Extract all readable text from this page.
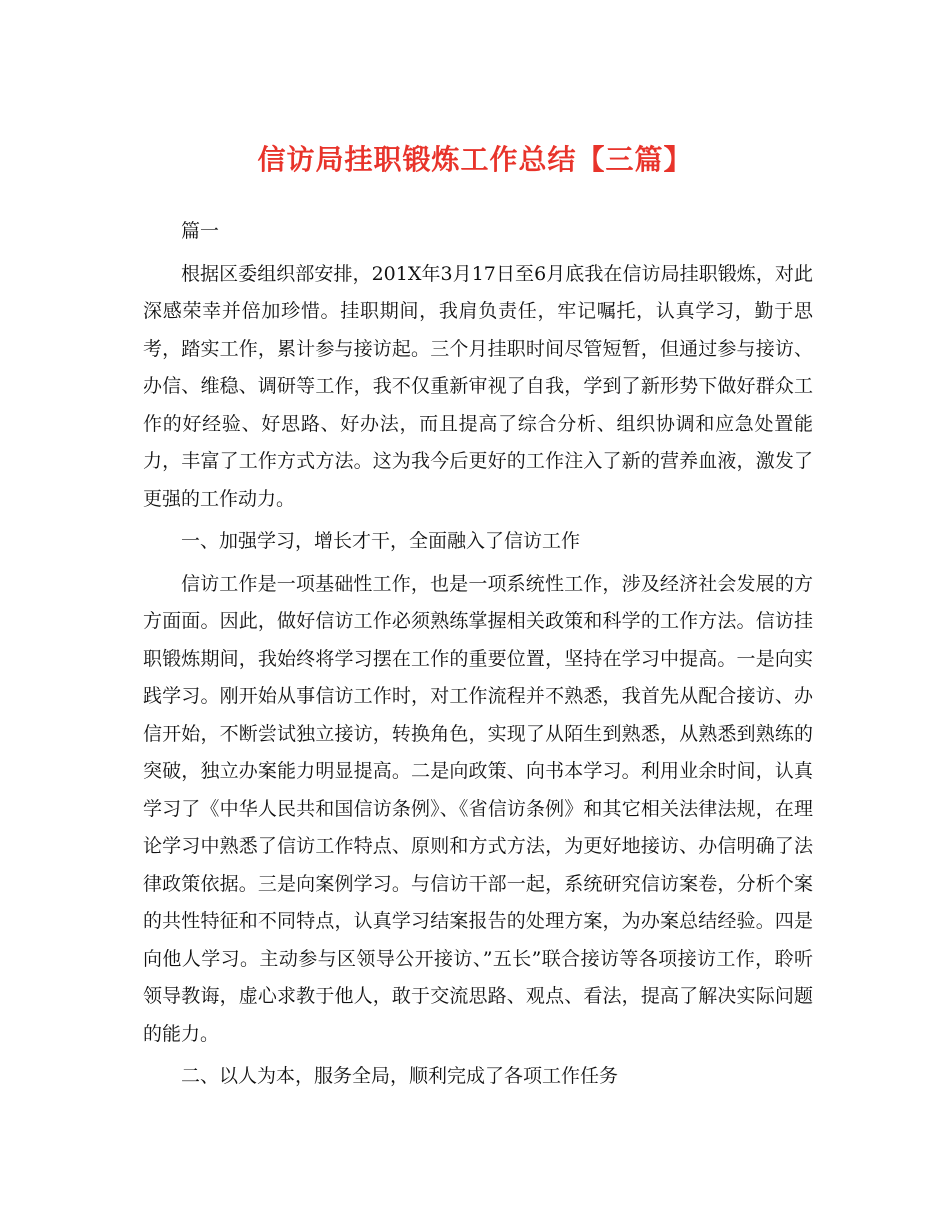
信访局挂职锻炼工作总结【三篇】

篇一

根据区委组织部安排，201X年3月17日至6月底我在信访局挂职锻炼，对此深感荣幸并倍加珍惜。挂职期间，我肩负责任，牢记嘱托，认真学习，勤于思考，踏实工作，累计参与接访起。三个月挂职时间尽管短暂，但通过参与接访、办信、维稳、调研等工作，我不仅重新审视了自我，学到了新形势下做好群众工作的好经验、好思路、好办法，而且提高了综合分析、组织协调和应急处置能力，丰富了工作方式方法。这为我今后更好的工作注入了新的营养血液，激发了更强的工作动力。

一、加强学习，增长才干，全面融入了信访工作

信访工作是一项基础性工作，也是一项系统性工作，涉及经济社会发展的方方面面。因此，做好信访工作必须熟练掌握相关政策和科学的工作方法。信访挂职锻炼期间，我始终将学习摆在工作的重要位置，坚持在学习中提高。一是向实践学习。刚开始从事信访工作时，对工作流程并不熟悉，我首先从配合接访、办信开始，不断尝试独立接访，转换角色，实现了从陌生到熟悉，从熟悉到熟练的突破，独立办案能力明显提高。二是向政策、向书本学习。利用业余时间，认真学习了《中华人民共和国信访条例》、《省信访条例》和其它相关法律法规，在理论学习中熟悉了信访工作特点、原则和方式方法，为更好地接访、办信明确了法律政策依据。三是向案例学习。与信访干部一起，系统研究信访案卷，分析个案的共性特征和不同特点，认真学习结案报告的处理方案，为办案总结经验。四是向他人学习。主动参与区领导公开接访、”五长”联合接访等各项接访工作，聆听领导教诲，虚心求教于他人，敢于交流思路、观点、看法，提高了解决实际问题的能力。

二、以人为本，服务全局，顺利完成了各项工作任务
